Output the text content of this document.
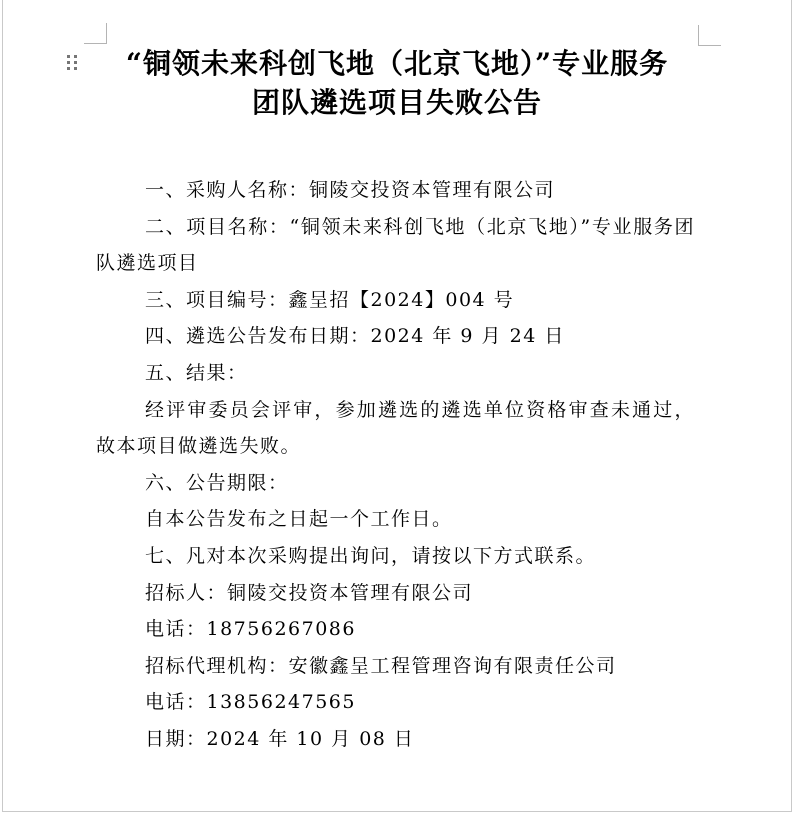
“铜领未来科创飞地（北京飞地）”专业服务
团队遴选项目失败公告

一、采购人名称：铜陵交投资本管理有限公司

二、项目名称：“铜领未来科创飞地（北京飞地）”专业服务团队遴选项目

三、项目编号：鑫呈招【2024】004 号

四、遴选公告发布日期：2024 年 9 月 24 日

五、结果：

经评审委员会评审，参加遴选的遴选单位资格审查未通过，故本项目做遴选失败。

六、公告期限：

自本公告发布之日起一个工作日。

七、凡对本次采购提出询问，请按以下方式联系。

招标人：铜陵交投资本管理有限公司

电话：18756267086

招标代理机构：安徽鑫呈工程管理咨询有限责任公司

电话：13856247565

日期：2024 年 10 月 08 日
